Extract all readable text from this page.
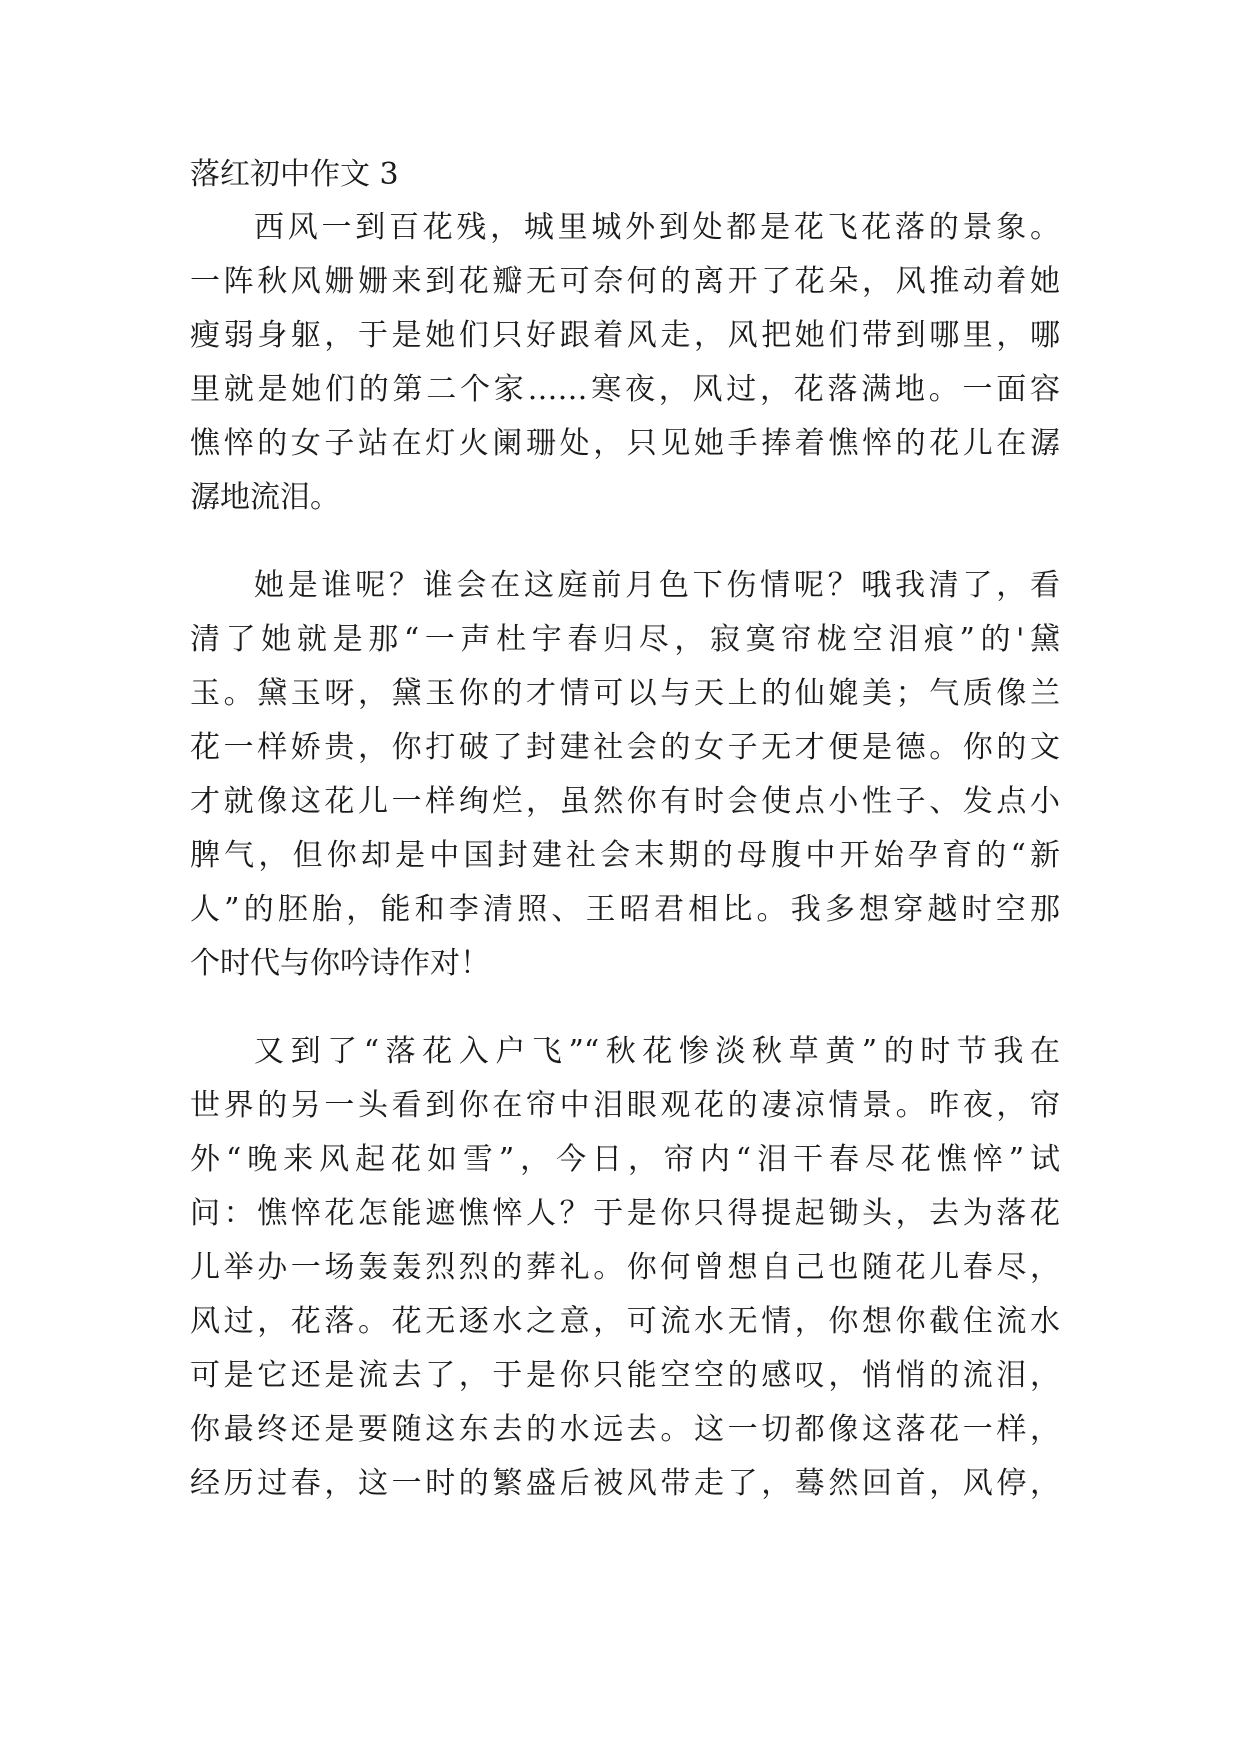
落红初中作文 3
西风一到百花残，城里城外到处都是花飞花落的景象。
一阵秋风姗姗来到花瓣无可奈何的离开了花朵，风推动着她
瘦弱身躯，于是她们只好跟着风走，风把她们带到哪里，哪
里就是她们的第二个家……寒夜，风过，花落满地。一面容
憔悴的女子站在灯火阑珊处，只见她手捧着憔悴的花儿在潺
潺地流泪。
她是谁呢？谁会在这庭前月色下伤情呢？哦我清了，看
清了她就是那“一声杜宇春归尽，寂寞帘栊空泪痕”的'黛
玉。黛玉呀，黛玉你的才情可以与天上的仙媲美；气质像兰
花一样娇贵，你打破了封建社会的女子无才便是德。你的文
才就像这花儿一样绚烂，虽然你有时会使点小性子、发点小
脾气，但你却是中国封建社会末期的母腹中开始孕育的“新
人”的胚胎，能和李清照、王昭君相比。我多想穿越时空那
个时代与你吟诗作对！
又到了“落花入户飞”“秋花惨淡秋草黄”的时节我在
世界的另一头看到你在帘中泪眼观花的凄凉情景。昨夜，帘
外“晚来风起花如雪”，今日，帘内“泪干春尽花憔悴”试
问：憔悴花怎能遮憔悴人？于是你只得提起锄头，去为落花
儿举办一场轰轰烈烈的葬礼。你何曾想自己也随花儿春尽，
风过，花落。花无逐水之意，可流水无情，你想你截住流水
可是它还是流去了，于是你只能空空的感叹，悄悄的流泪，
你最终还是要随这东去的水远去。这一切都像这落花一样，
经历过春，这一时的繁盛后被风带走了，蓦然回首，风停，
